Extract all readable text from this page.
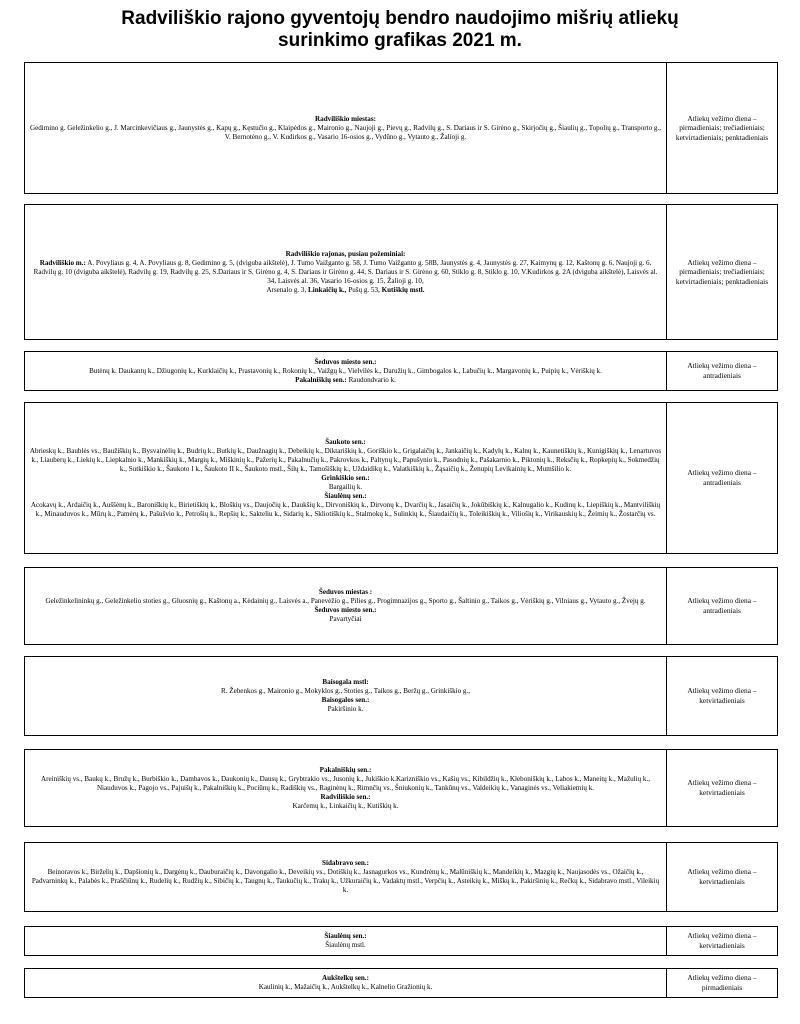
Radviliškio rajono gyventojų bendro naudojimo mišrių atliekų
surinkimo grafikas 2021 m.
Radviliškio miestas:
Gedimino g. Geležinkelio g., J. Marcinkevičiaus g., Jaunystės g., Kapų g., Kęstučio g., Klaipėdos g., Maironio g., Naujoji g., Pievų g., Radvilų g., S. Dariaus ir S. Girėno g., Skirjočių g., Šiaulių g., Topolių g., Transporto g., V. Bernotėno g., V. Kudirkos g., Vasario 16-osios g., Vydūno g., Vytauto g., Žalioji g.
Atliekų vežimo diena – pirmadieniais; trečiadieniais; ketvirtadieniais; penktadieniais
Radviliškio rajonas, pusiau požeminiai:
Radviliškio m.: A. Povyliaus g. 4, A. Povyliaus g. 8, Gedimino g. 5, (dviguba aikštelė), J. Tumo Vaižganto g. 58, J. Tumo Vaižganto g. 58B, Jaunystės g. 4, Jaunystės g. 27, Kaimynų g. 12, Kaštonų g. 6, Naujoji g. 6, Radvilų g. 10 (dviguba aikštelė), Radvilų g. 19, Radvilų g. 25, S.Dariaus ir S. Girėno g. 4, S. Dariaus ir Girėno g. 44, S. Dariaus ir S. Girėno g. 60, Stiklo g. 8, Stiklo g. 10, V.Kudirkos g. 2A (dviguba aikštelė), Laisvės al. 34, Laisvės al. 36, Vasario 16-osios g. 15, Žalioji g. 10,
Arsenalo g. 3, Linkaičių k., Pušų g. 53, Kutiškių mstl.
Atliekų vežimo diena – pirmadieniais; trečiadieniais; ketvirtadieniais; penktadieniais
Šeduvos miesto sen.:
Butėnų k. Daukantų k., Džiugonių k., Kurklaičių k., Prastavonių k., Rokonių k., Vaižgų k., Vielvilės k., Daružių k., Gimbogalos k., Labučių k., Margavonių k., Puipių k., Vėriškių k.
Pakalniškių sen.: Raudondvario k.
Atliekų vežimo diena – antradieniais
Šaukoto sen.:
Abrieskų k., Baublės vs., Baužiškių k., Bysvainėlių k., Budrių k., Butkių k., Daužnagių k., Debeikių k., Diktariškių k., Goriškio k., Grigalaičių k., Jankaičių k., Kadylų k., Kalnų k., Kaunetiškių k., Kunigiškių k., Lenartuvos k., Liauberų k., Liekių k., Liepkalnio k., Mankiškių k., Margių k., Miškinių k., Pažerių k., Pakalnučių k., Pakrovkos k., Paltynų k., Papušynio k., Pasodnių k., Pašakarnio k., Piktonių k., Reksčių k., Ropkepių k., Sokmedžių k., Sutkiškio k., Šaukoto I k., Šaukoto II k., Šaukoto mstl., Šilų k., Tamošiškių k., Uždaidikų k., Valatkiškių k., Žąsaičių k., Ženupių Levikainių k., Mumšilio k.
Grinkiškio sen.:
Bargailių k.
Šiaulėnų sen.:
Acokavų k., Ardaičių k., Auššėnų k., Baroniškių k., Birietiškių k., Bloškių vs., Daujočių k., Daukšių k., Dirvoniškių k., Dirvonų k., Dvarčių k., Jasaičių k., Jokūbiškių k., Kalnugalio k., Kudinų k., Liepiškių k., Mantviliškių k., Minauduvos k., Mūrų k., Pamėrų k., Pašušvio k., Petrošių k., Repšių k., Sakteliu k., Sidarių k., Skliotiškių k., Stalmokų k., Sulinkių k., Šiaudaičių k., Toleikiškių k., Viliošių k., Virikauskių k., Žeimių k., Žostarčių vs.
Atliekų vežimo diena – antradieniais
Šeduvos miestas :
Geležinkelininkų g., Geležinkelio stoties g., Gluosnių g., Kaštonų a., Kėdainių g., Laisvės a., Panevėžio g., Pilies g., Progimnazijos g., Sporto g., Šaltinio g., Taikos g., Vėriškių g., Vilniaus g., Vytauto g., Žvejų g.
Šeduvos miesto sen.:
Pavartyčiai
Atliekų vežimo diena – antradieniais
Baisogala mstl:
R. Žebenkos g., Maironio g., Mokyklos g., Stoties g., Taikos g., Beržų g., Grinkiškio g.,
Baisogalos sen.:
Pakiršinio k.
Atliekų vežimo diena – ketvirtadieniais
Pakalniškių sen.:
Areiniškių vs., Baukų k., Bružų k., Burbiškio k., Dambavos k., Daukonių k., Dausų k., Grybtrakio vs., Jusonių k., Jukiškio k.Karizniškio vs., Kašių vs., Kibildžių k., Kleboniškių k., Labos k., Maneitų k., Mažulių k., Niauduvos k., Pagojo vs., Pajuišų k., Pakalniškių k., Pociūnų k., Radiškių vs., Raginėnų k., Rimnčių vs., Šniukonių k., Tankūnų vs., Valdeikių k., Vanaginės vs., Veliakiemių k.
Radviliškio sen.:
Karčemų k., Linkaičių k., Kutiškių k.
Atliekų vežimo diena – ketvirtadieniais
Sidabravo sen.:
Beinoravos k., Birželių k., Dapšionių k., Dargėnų k., Dauburaičių k., Davongalio k., Deveikių vs., Dotiškių k., Jasnagurkos vs., Kundrėnų k., Malūniškių k., Mandeikių k., Mazgių k., Naujasodės vs., Ožaičių k., Padvarninkų k., Palabės k., Praščiūnų k., Rudelių k., Rudžių k., Sibičių k., Taugnų k., Taukučių k., Trakų k., Užkuraičių k., Vadaktų mstl., Verpčių k., Asteikių k., Miškų k., Pakiršinių k., Rečkų k., Sidabravo mstl., Vileikių k.
Atliekų vežimo diena – ketvirtadieniais
Šiaulėnų sen.:
Šiaulėnų mstl.
Atliekų vežimo diena – ketvirtadieniais
Aukštelkų sen.:
Kaulinių k., Mažaičių k., Aukštelkų k., Kalnelio Gražionių k.
Atliekų vežimo diena – pirmadieniais
